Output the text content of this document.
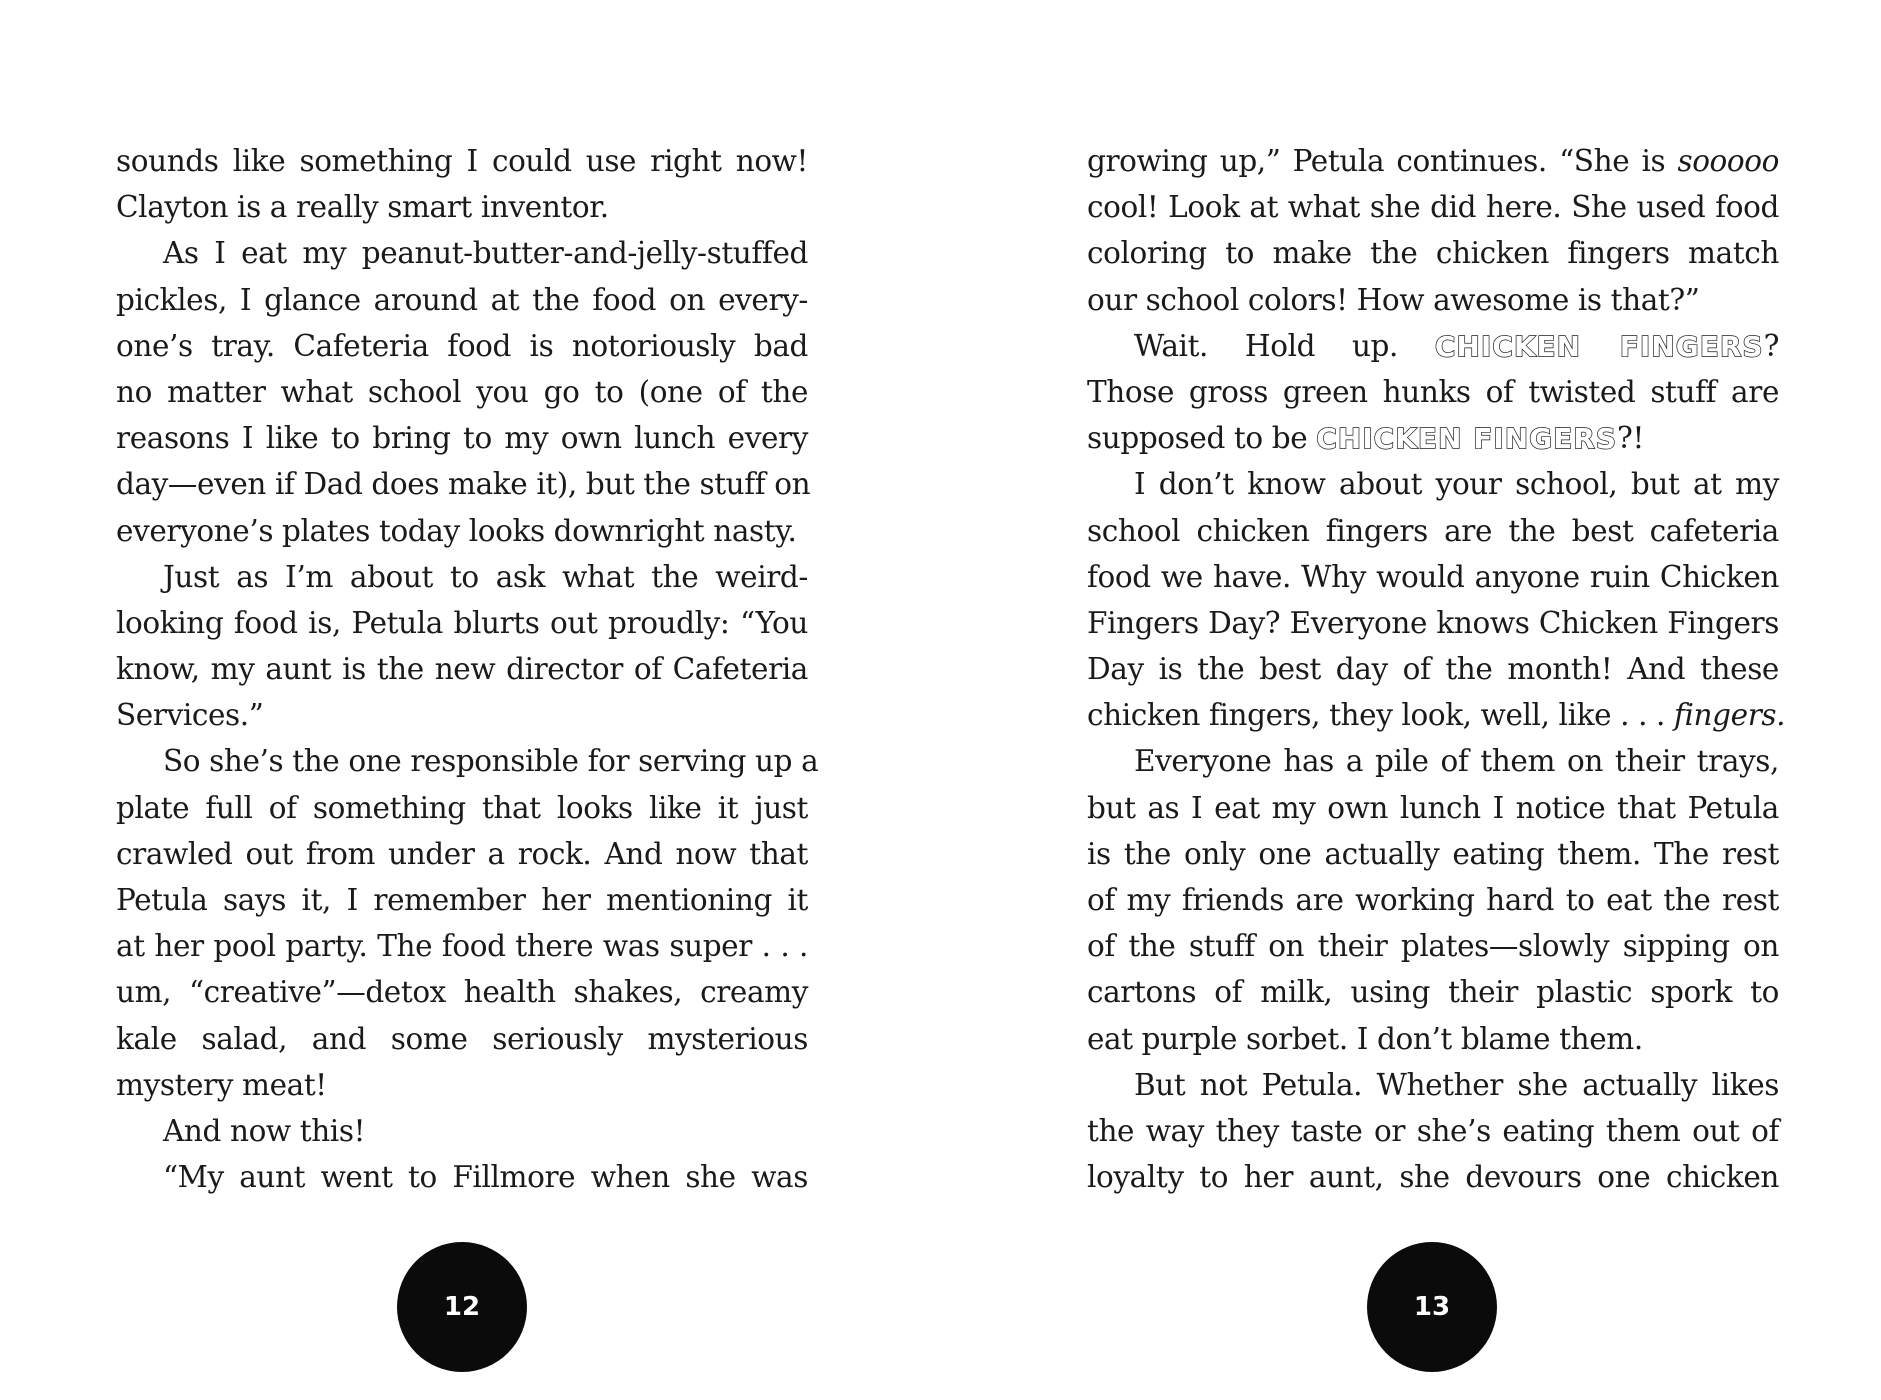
sounds like something I could use right now!
Clayton is a really smart inventor.
As I eat my peanut-butter-and-jelly-stuffed
pickles, I glance around at the food on every-
one’s tray. Cafeteria food is notoriously bad
no matter what school you go to (one of the
reasons I like to bring to my own lunch every
day—even if Dad does make it), but the stuff on
everyone’s plates today looks downright nasty.
Just as I’m about to ask what the weird-
looking food is, Petula blurts out proudly: “You
know, my aunt is the new director of Cafeteria
Services.”
So she’s the one responsible for serving up a
plate full of something that looks like it just
crawled out from under a rock. And now that
Petula says it, I remember her mentioning it
at her pool party. The food there was super . . .
um, “creative”—detox health shakes, creamy
kale salad, and some seriously mysterious
mystery meat!
And now this!
“My aunt went to Fillmore when she was
12
growing up,” Petula continues. “She is sooooo
cool! Look at what she did here. She used food
coloring to make the chicken fingers match
our school colors! How awesome is that?”
Wait. Hold up. CHICKEN FINGERS?
Those gross green hunks of twisted stuff are
supposed to be CHICKEN FINGERS?!
I don’t know about your school, but at my
school chicken fingers are the best cafeteria
food we have. Why would anyone ruin Chicken
Fingers Day? Everyone knows Chicken Fingers
Day is the best day of the month! And these
chicken fingers, they look, well, like . . . fingers.
Everyone has a pile of them on their trays,
but as I eat my own lunch I notice that Petula
is the only one actually eating them. The rest
of my friends are working hard to eat the rest
of the stuff on their plates—slowly sipping on
cartons of milk, using their plastic spork to
eat purple sorbet. I don’t blame them.
But not Petula. Whether she actually likes
the way they taste or she’s eating them out of
loyalty to her aunt, she devours one chicken
13
